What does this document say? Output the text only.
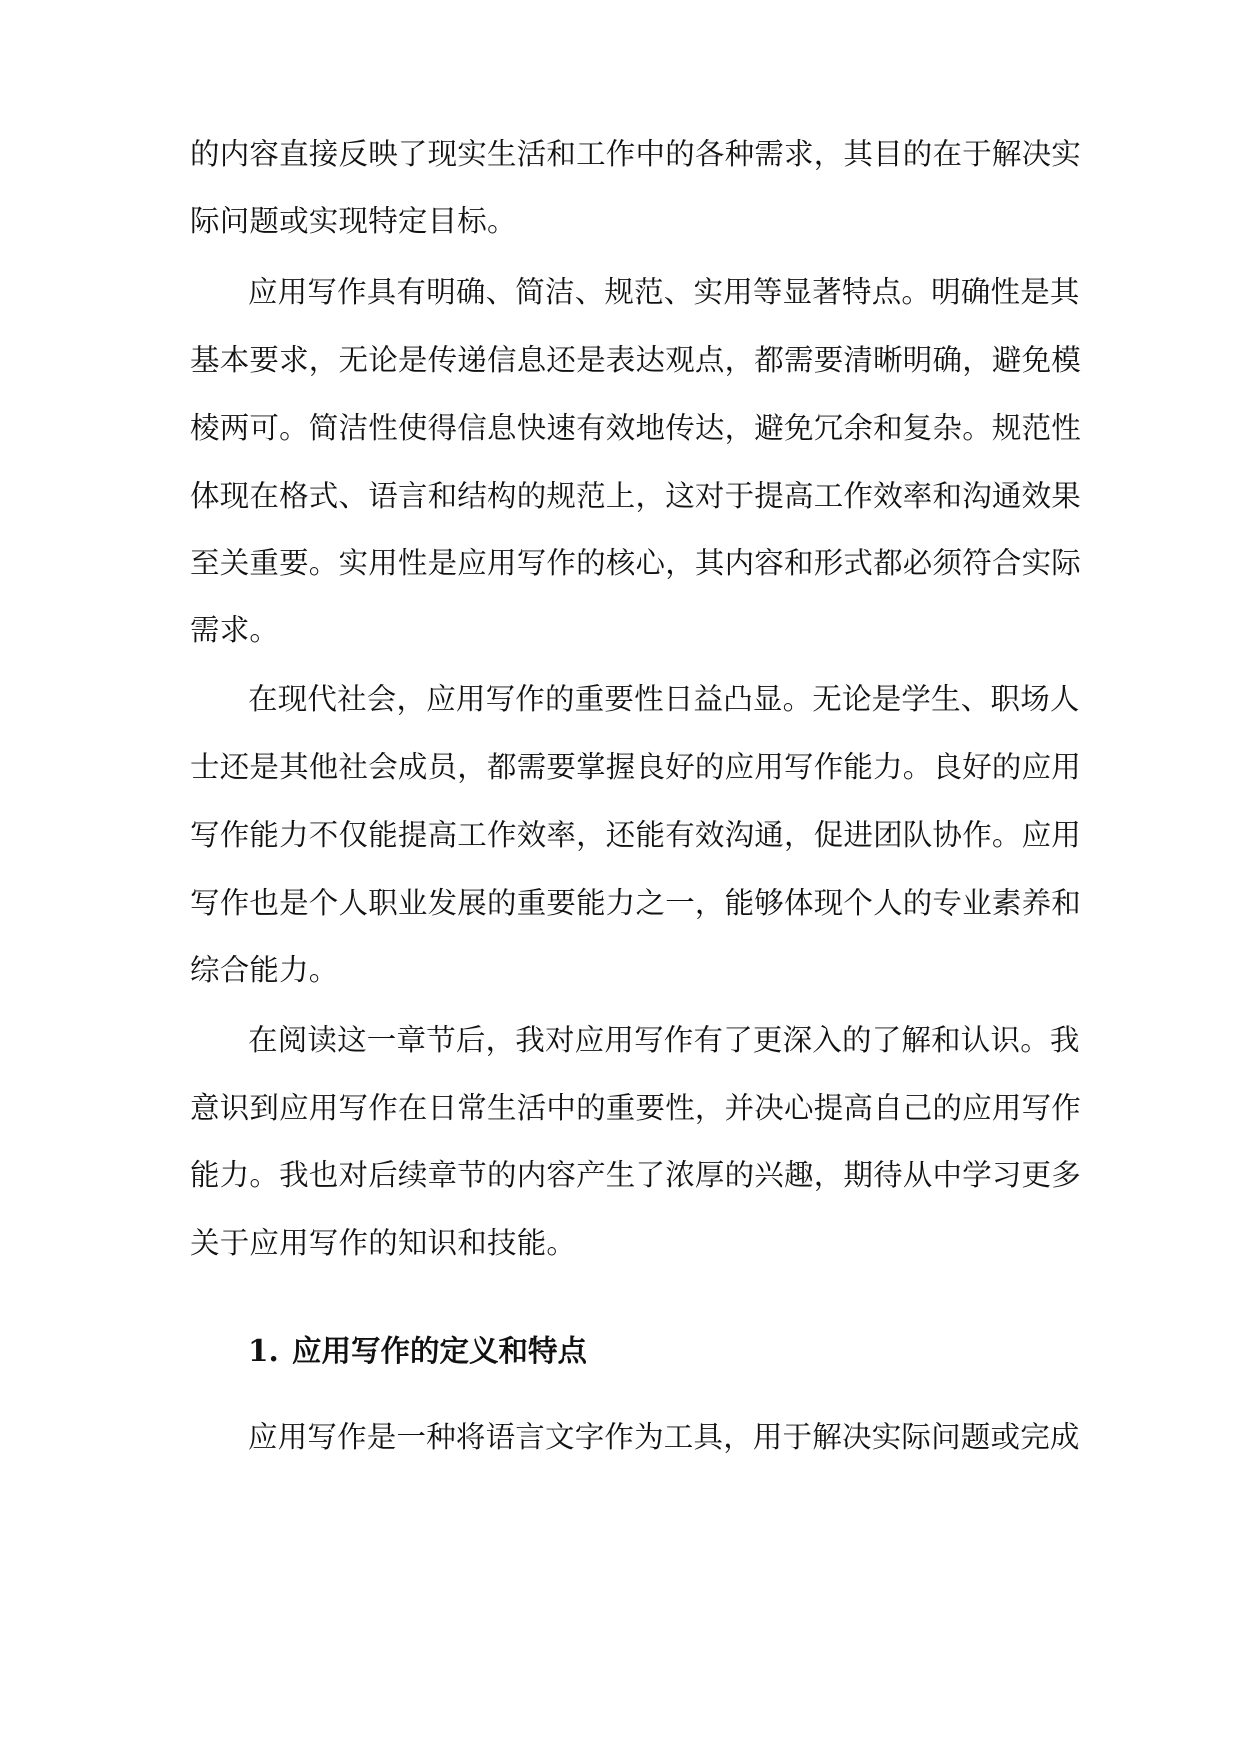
的内容直接反映了现实生活和工作中的各种需求，其目的在于解决实
际问题或实现特定目标。
应用写作具有明确、简洁、规范、实用等显著特点。明确性是其
基本要求，无论是传递信息还是表达观点，都需要清晰明确，避免模
棱两可。简洁性使得信息快速有效地传达，避免冗余和复杂。规范性
体现在格式、语言和结构的规范上，这对于提高工作效率和沟通效果
至关重要。实用性是应用写作的核心，其内容和形式都必须符合实际
需求。
在现代社会，应用写作的重要性日益凸显。无论是学生、职场人
士还是其他社会成员，都需要掌握良好的应用写作能力。良好的应用
写作能力不仅能提高工作效率，还能有效沟通，促进团队协作。应用
写作也是个人职业发展的重要能力之一，能够体现个人的专业素养和
综合能力。
在阅读这一章节后，我对应用写作有了更深入的了解和认识。我
意识到应用写作在日常生活中的重要性，并决心提高自己的应用写作
能力。我也对后续章节的内容产生了浓厚的兴趣，期待从中学习更多
关于应用写作的知识和技能。
1. 应用写作的定义和特点
应用写作是一种将语言文字作为工具，用于解决实际问题或完成
